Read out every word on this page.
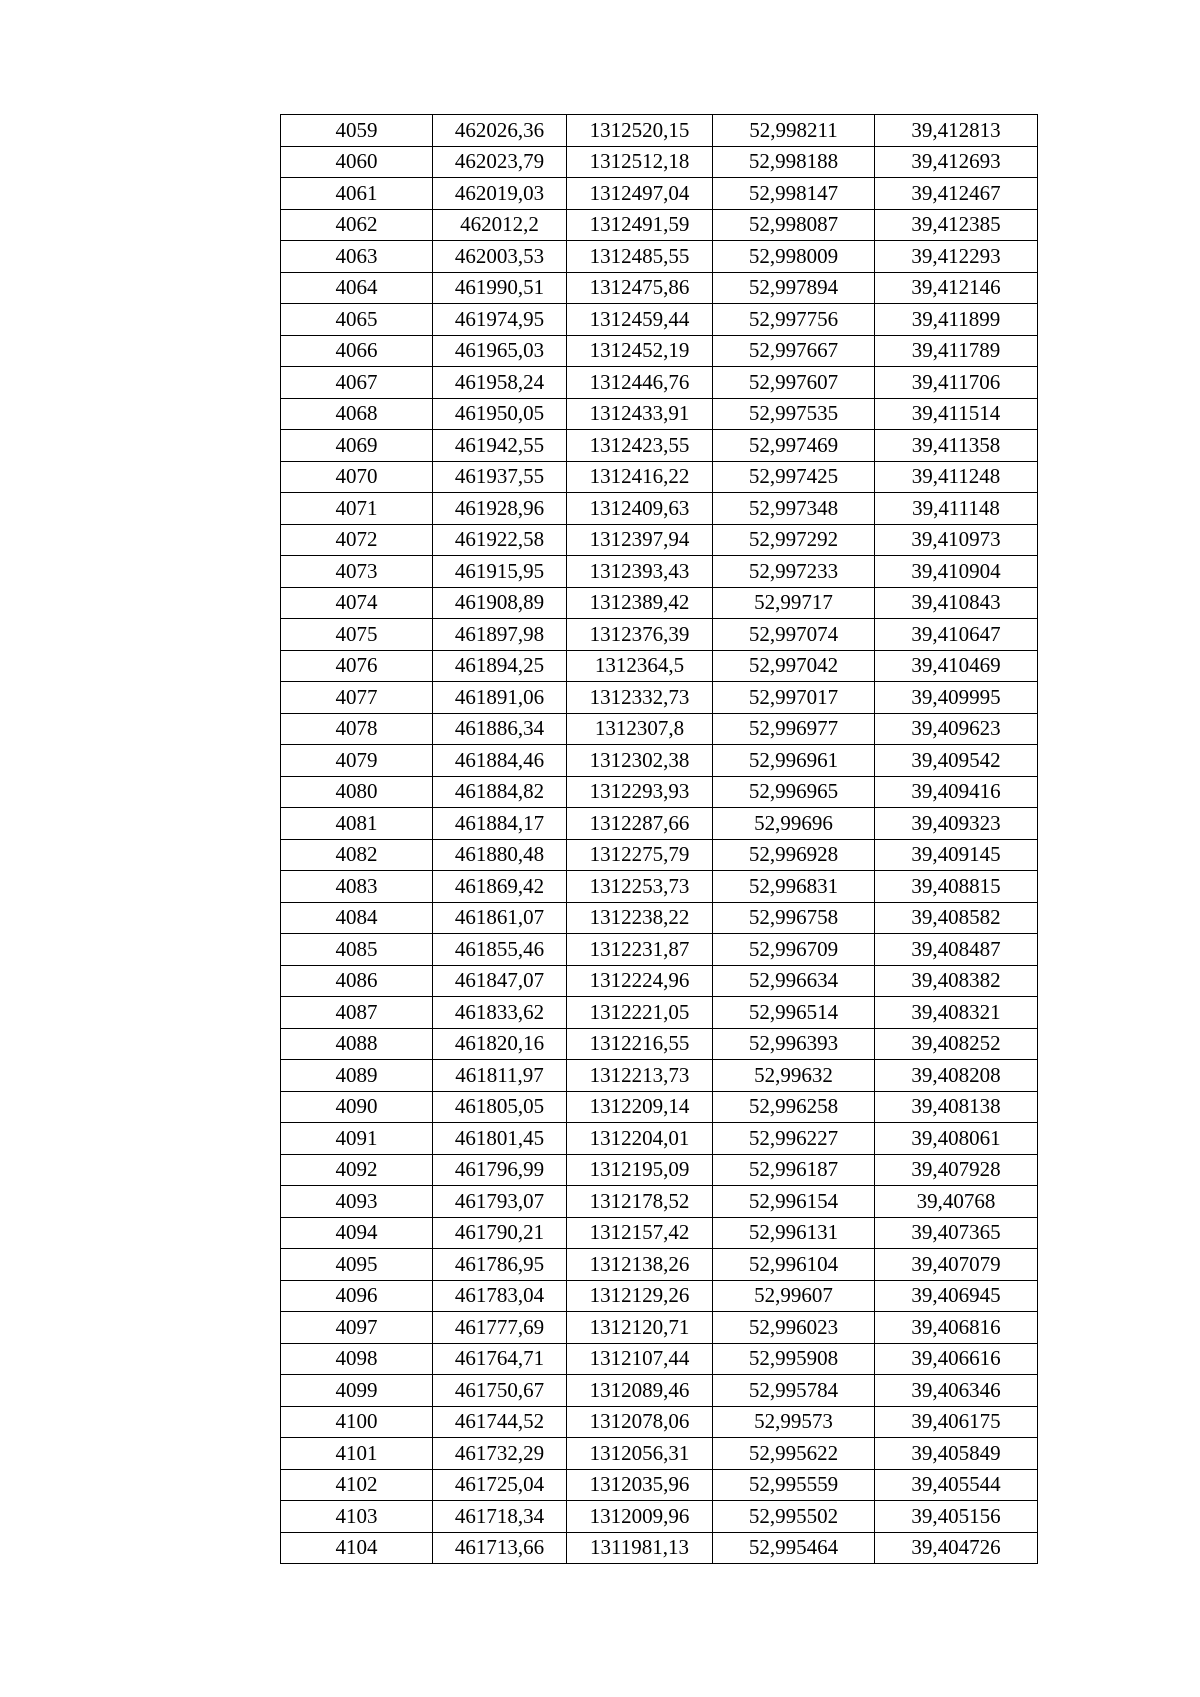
4059	462026,36	1312520,15	52,998211	39,412813
4060	462023,79	1312512,18	52,998188	39,412693
4061	462019,03	1312497,04	52,998147	39,412467
4062	462012,2	1312491,59	52,998087	39,412385
4063	462003,53	1312485,55	52,998009	39,412293
4064	461990,51	1312475,86	52,997894	39,412146
4065	461974,95	1312459,44	52,997756	39,411899
4066	461965,03	1312452,19	52,997667	39,411789
4067	461958,24	1312446,76	52,997607	39,411706
4068	461950,05	1312433,91	52,997535	39,411514
4069	461942,55	1312423,55	52,997469	39,411358
4070	461937,55	1312416,22	52,997425	39,411248
4071	461928,96	1312409,63	52,997348	39,411148
4072	461922,58	1312397,94	52,997292	39,410973
4073	461915,95	1312393,43	52,997233	39,410904
4074	461908,89	1312389,42	52,99717	39,410843
4075	461897,98	1312376,39	52,997074	39,410647
4076	461894,25	1312364,5	52,997042	39,410469
4077	461891,06	1312332,73	52,997017	39,409995
4078	461886,34	1312307,8	52,996977	39,409623
4079	461884,46	1312302,38	52,996961	39,409542
4080	461884,82	1312293,93	52,996965	39,409416
4081	461884,17	1312287,66	52,99696	39,409323
4082	461880,48	1312275,79	52,996928	39,409145
4083	461869,42	1312253,73	52,996831	39,408815
4084	461861,07	1312238,22	52,996758	39,408582
4085	461855,46	1312231,87	52,996709	39,408487
4086	461847,07	1312224,96	52,996634	39,408382
4087	461833,62	1312221,05	52,996514	39,408321
4088	461820,16	1312216,55	52,996393	39,408252
4089	461811,97	1312213,73	52,99632	39,408208
4090	461805,05	1312209,14	52,996258	39,408138
4091	461801,45	1312204,01	52,996227	39,408061
4092	461796,99	1312195,09	52,996187	39,407928
4093	461793,07	1312178,52	52,996154	39,40768
4094	461790,21	1312157,42	52,996131	39,407365
4095	461786,95	1312138,26	52,996104	39,407079
4096	461783,04	1312129,26	52,99607	39,406945
4097	461777,69	1312120,71	52,996023	39,406816
4098	461764,71	1312107,44	52,995908	39,406616
4099	461750,67	1312089,46	52,995784	39,406346
4100	461744,52	1312078,06	52,99573	39,406175
4101	461732,29	1312056,31	52,995622	39,405849
4102	461725,04	1312035,96	52,995559	39,405544
4103	461718,34	1312009,96	52,995502	39,405156
4104	461713,66	1311981,13	52,995464	39,404726
